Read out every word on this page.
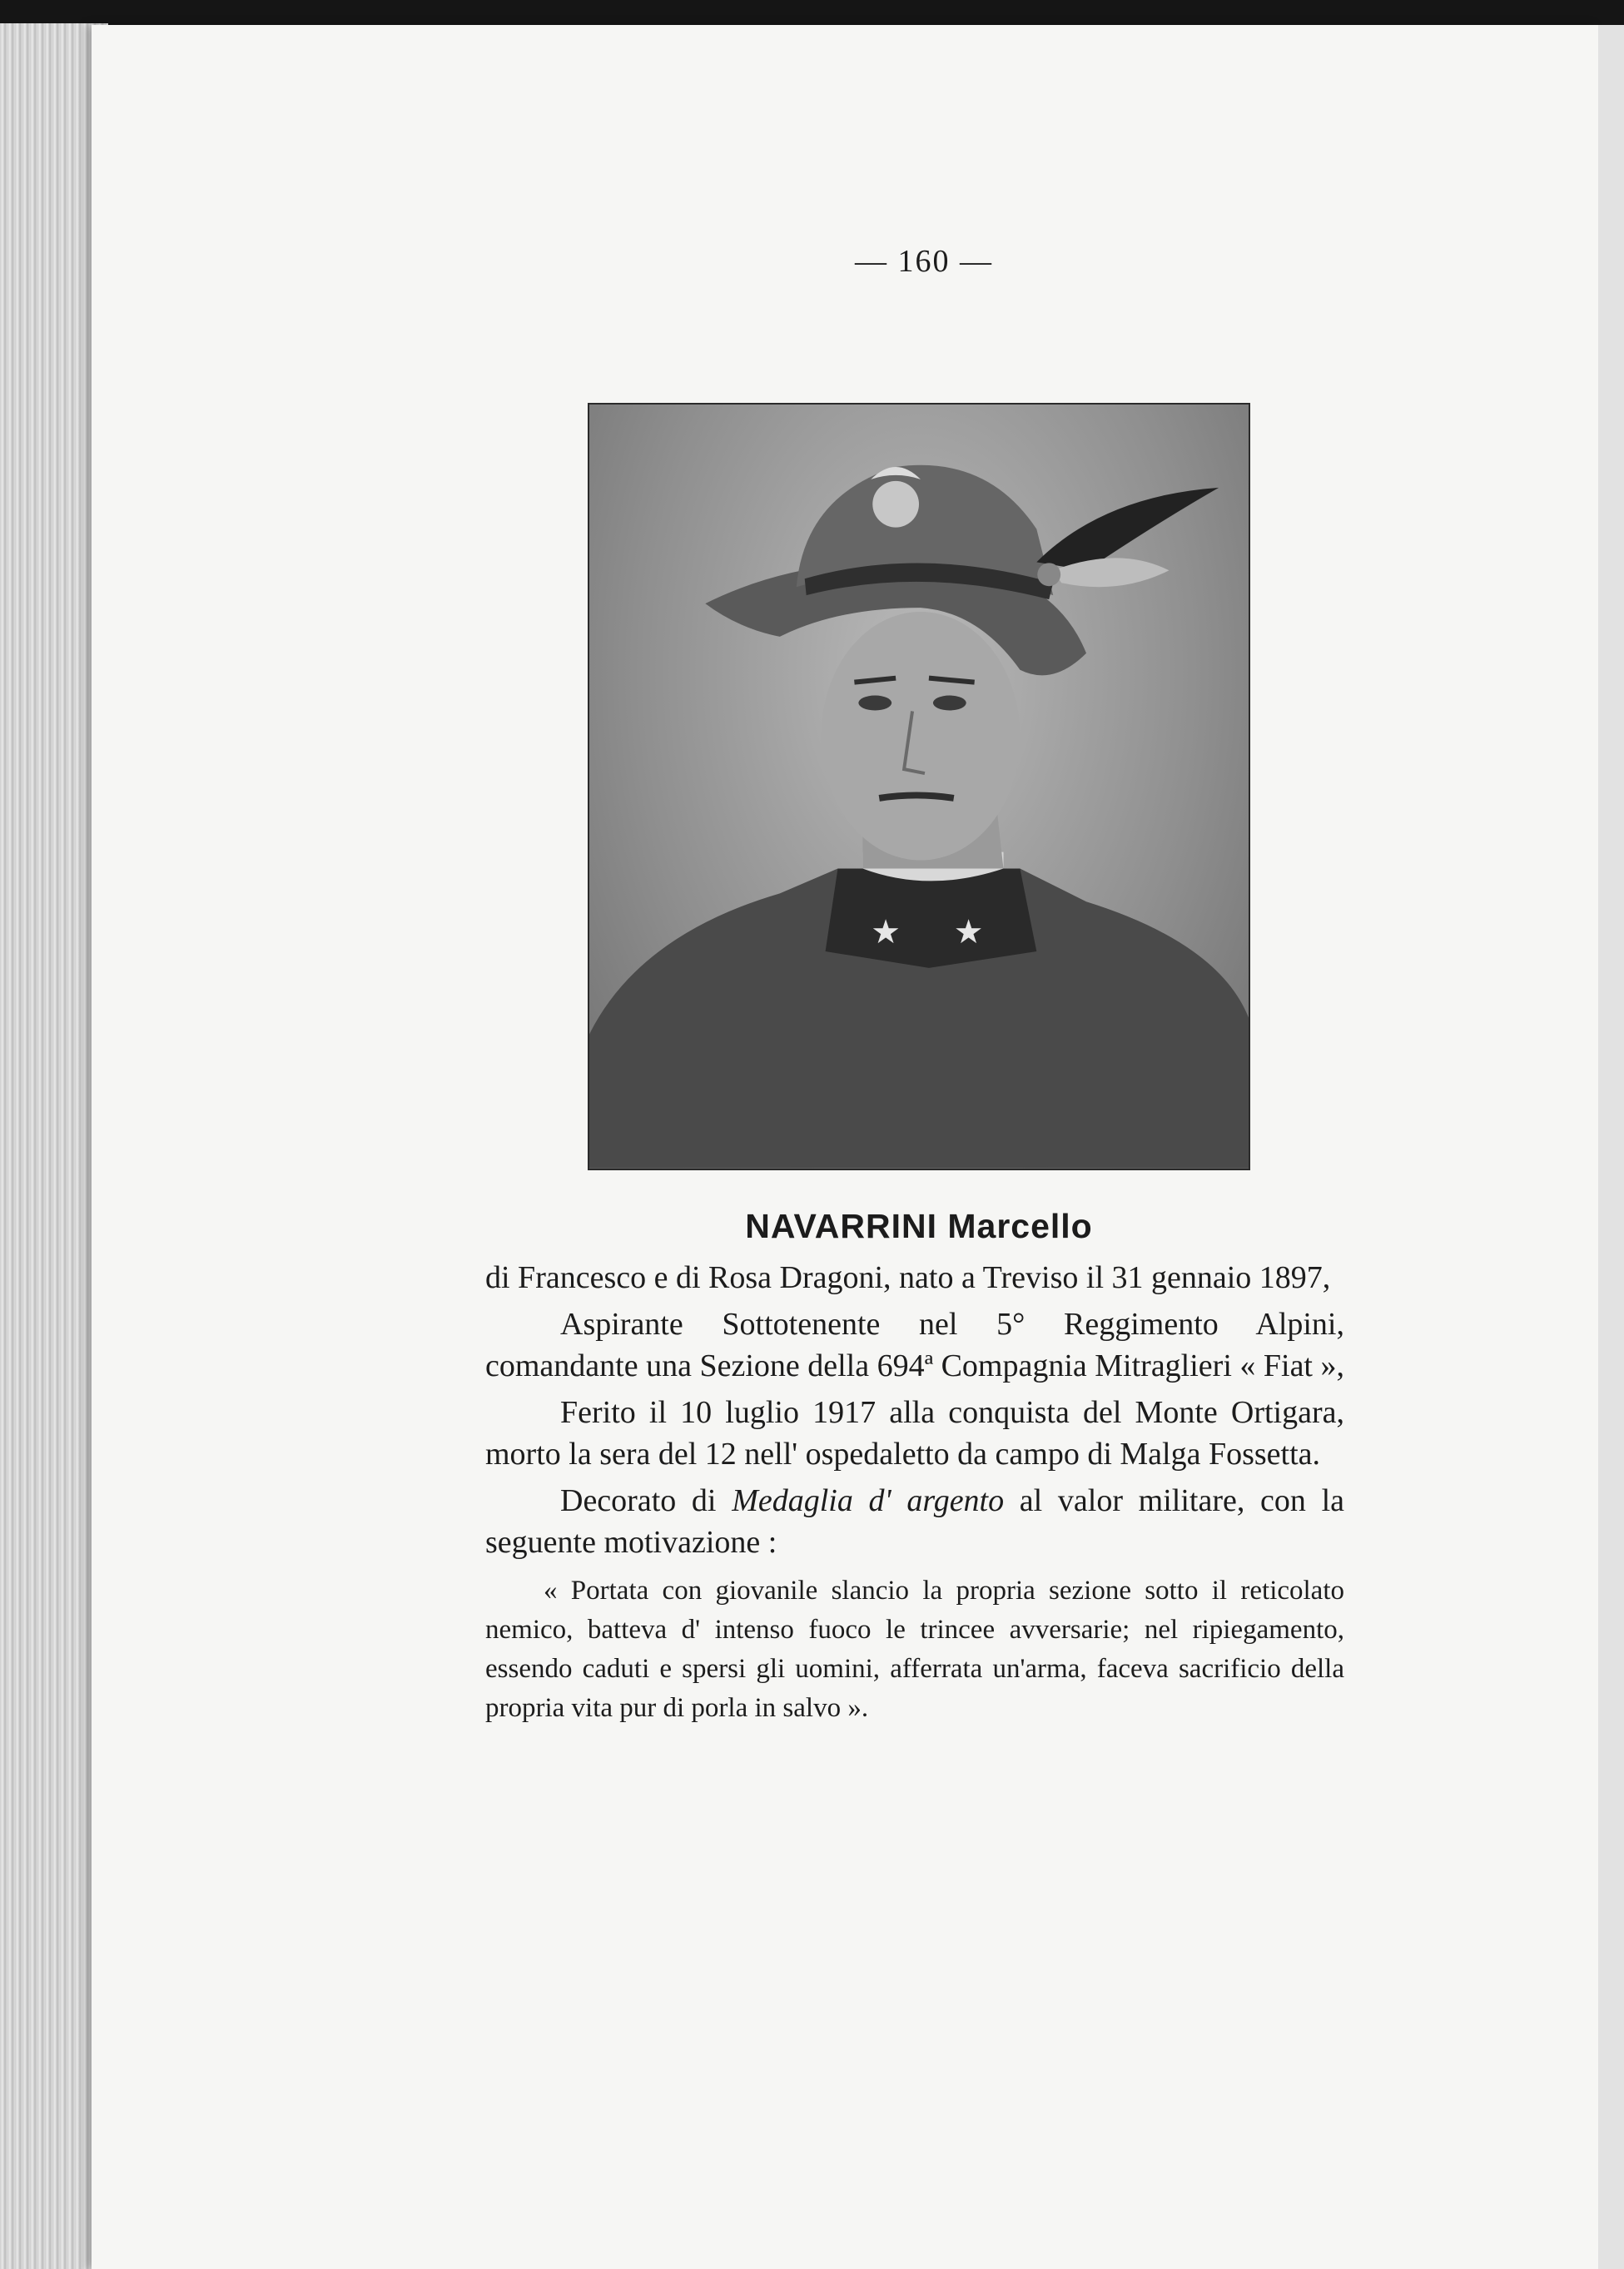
— 160 —
★ ★
NAVARRINI Marcello

di Francesco e di Rosa Dragoni, nato a Treviso il 31 gennaio 1897,

Aspirante Sottotenente nel 5° Reggimento Alpini, comandante una Sezione della 694ª Compagnia Mitraglieri « Fiat »,

Ferito il 10 luglio 1917 alla conquista del Monte Ortigara, morto la sera del 12 nell' ospedaletto da campo di Malga Fossetta.

Decorato di Medaglia d' argento al valor militare, con la seguente motivazione :

« Portata con giovanile slancio la propria sezione sotto il reticolato nemico, batteva d' intenso fuoco le trincee avversarie; nel ripiegamento, essendo caduti e spersi gli uomini, afferrata un'arma, faceva sacrificio della propria vita pur di porla in salvo ».
